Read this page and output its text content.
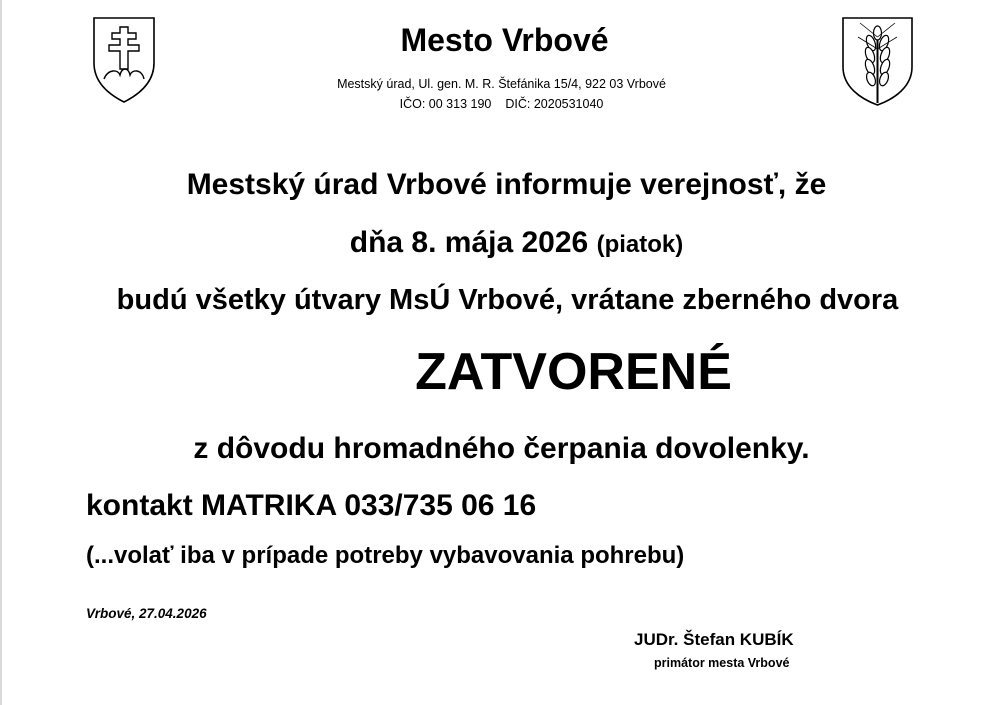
Mesto Vrbové
Mestský úrad, Ul. gen. M. R. Štefánika 15/4, 922 03 Vrbové
IČO: 00 313 190 DIČ: 2020531040
Mestský úrad Vrbové informuje verejnosť, že
dňa 8. mája 2026 (piatok)
budú všetky útvary MsÚ Vrbové, vrátane zberného dvora
ZATVORENÉ
z dôvodu hromadného čerpania dovolenky.
kontakt MATRIKA 033/735 06 16
(...volať iba v prípade potreby vybavovania pohrebu)
Vrbové, 27.04.2026
JUDr. Štefan KUBÍK
primátor mesta Vrbové
